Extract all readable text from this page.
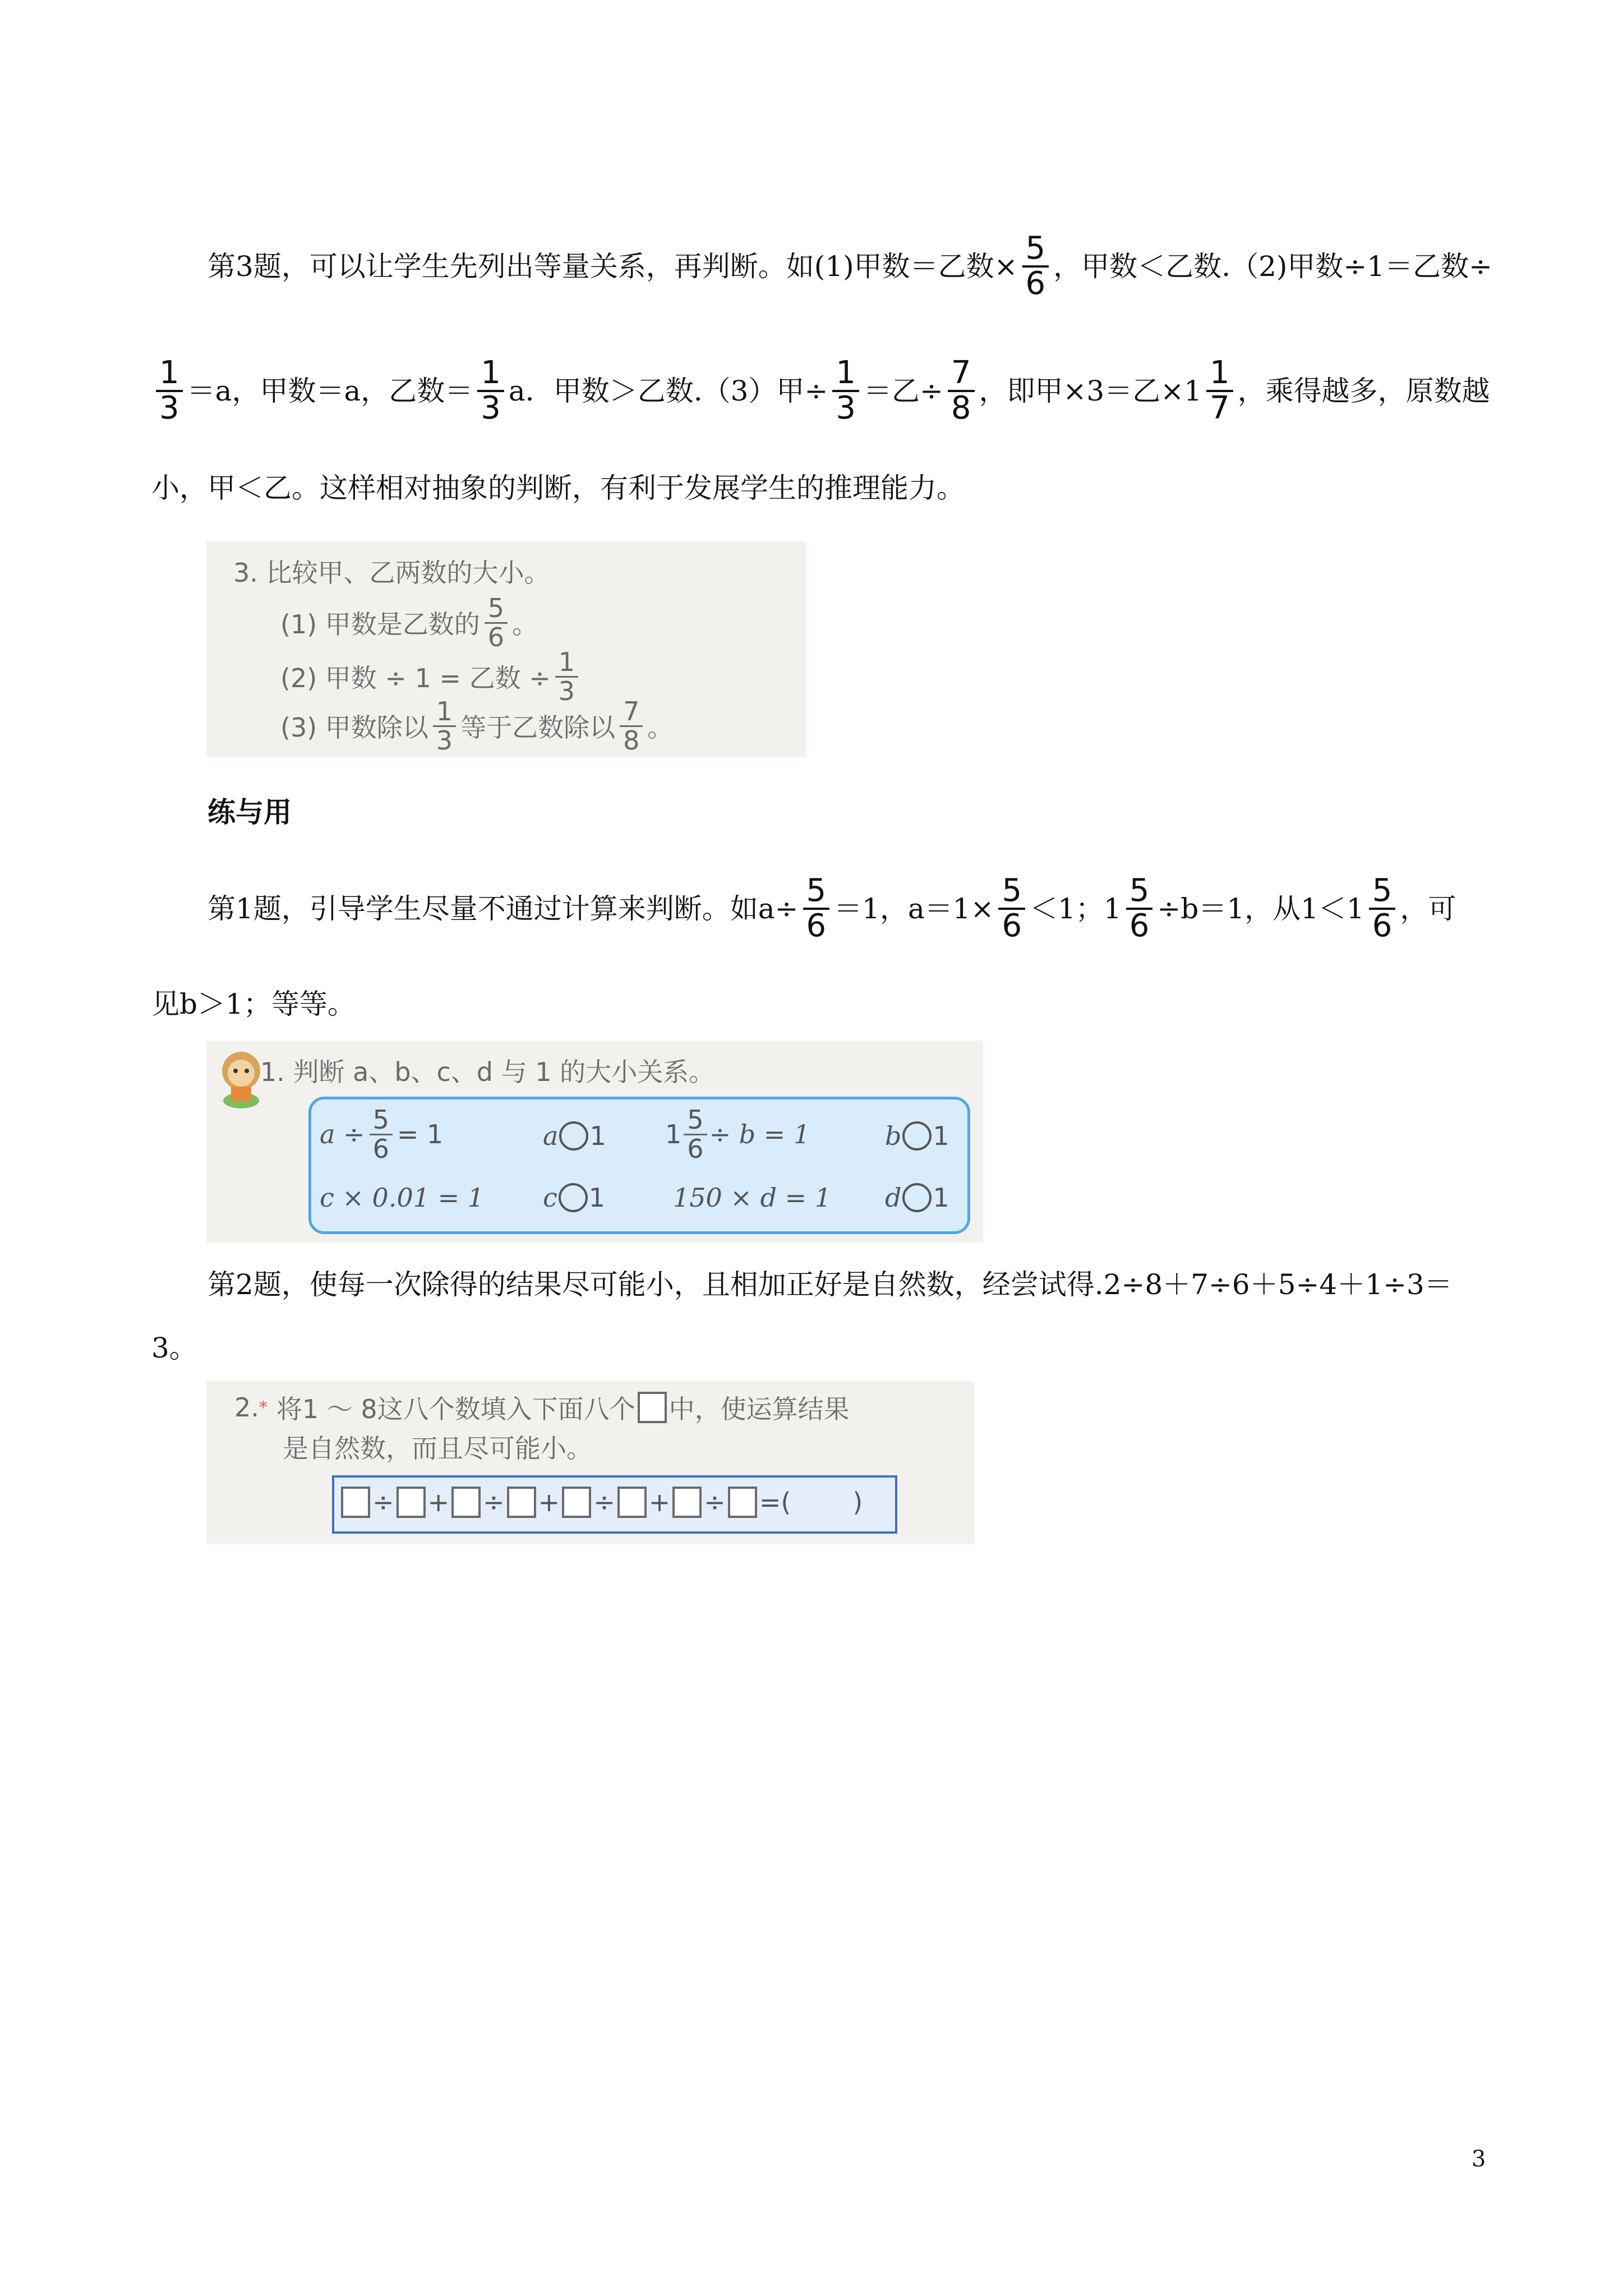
第3题，可以让学生先列出等量关系，再判断。如(1)甲数＝乙数× $\frac{5}{6}$ ，甲数＜乙数.（2)甲数÷1＝乙数÷
$\frac{1}{3} =a$，甲数＝a，乙数＝ $\frac{1}{3}$ a．甲数＞乙数.（3）甲÷ $\frac{1}{3}$ ＝乙÷ $\frac{7}{8}$ ，即甲×3＝乙$\times 1 \frac{1}{7}$ ，乘得越多，原数越
小，甲＜乙。这样相对抽象的判断，有利于发展学生的推理能力。
3. 比较甲、乙两数的大小。
(1) 甲数是乙数的 $\frac{5}{6}$ 。
(2) 甲数 ÷ 1 = 乙数 ÷ $\frac{1}{3}$
(3) 甲数除以 $\frac{1}{3}$ 等于乙数除以 $\frac{7}{8}$ 。
练与用
第1题，引导学生尽量不通过计算来判断。如$a\div \frac{5}{6} =1$，$a=1\times \frac{5}{6} <1$；$1 \frac{5}{6} \div b=1$，从$1<1 \frac{5}{6}$ ，可
见b＞1；等等。
1. 判断 a、b、c、d 与 1 的大小关系。
$a \div \frac{5}{6} = 1$	a 1 $1 \frac{5}{6} \div b = 1$	b 1
c × 0.01 = 1 c 1	150 × d = 1 d 1
第2题，使每一次除得的结果尽可能小，且相加正好是自然数，经尝试得.2÷8＋7÷6＋5÷4＋1÷3＝
3。
2. * 将1 ～ 8这八个数填入下面八个 中，使运算结果
是自然数，而且尽可能小。
÷ + ÷ + ÷ + ÷ =( )
3
